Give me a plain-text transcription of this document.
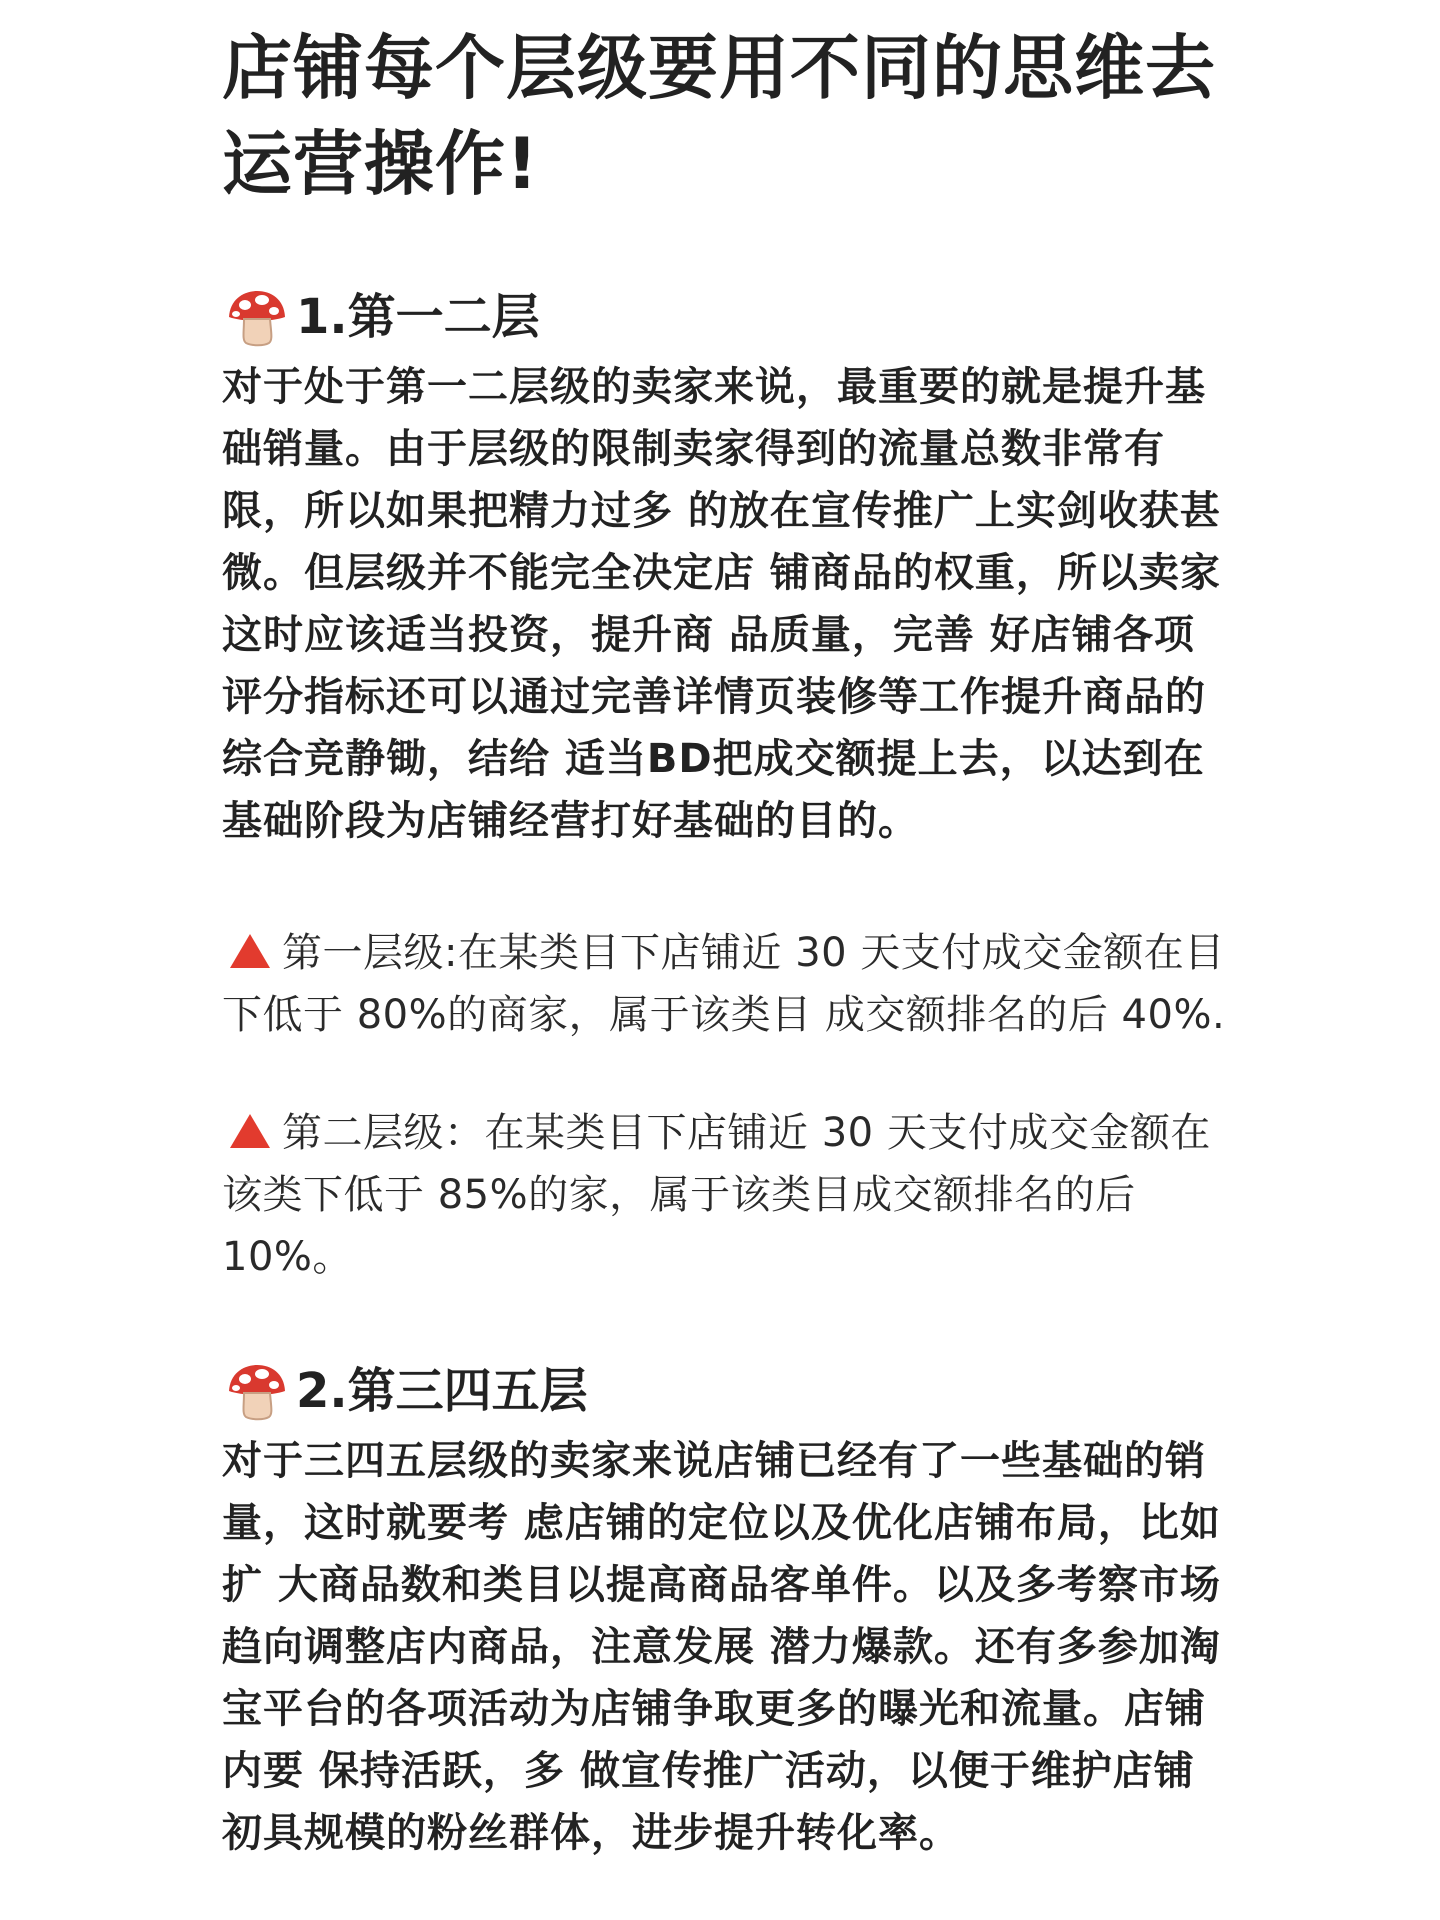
店铺每个层级要用不同的思维去运营操作!
1.第一二层

对于处于第一二层级的卖家来说，最重要的就是提升基础销量。由于层级的限制卖家得到的流量总数非常有限，所以如果把精力过多 的放在宣传推广上实剑收获甚微。但层级并不能完全决定店 铺商品的权重，所以卖家这时应该适当投资，提升商 品质量，完善 好店铺各项评分指标还可以通过完善详情页装修等工作提升商品的综合竞静锄，结给 适当BD把成交额提上去，以达到在基础阶段为店铺经营打好基础的目的。

第一层级:在某类目下店铺近 30 天支付成交金额在目下低于 80%的商家，属于该类目 成交额排名的后 40%.

第二层级：在某类目下店铺近 30 天支付成交金额在该类下低于 85%的家，属于该类目成交额排名的后 10%。

2.第三四五层

对于三四五层级的卖家来说店铺已经有了一些基础的销量，这时就要考 虑店铺的定位以及优化店铺布局，比如扩 大商品数和类目以提高商品客单件。以及多考察市场趋向调整店内商品，注意发展 潜力爆款。还有多参加淘宝平台的各项活动为店铺争取更多的曝光和流量。店铺内要 保持活跃，多 做宣传推广活动，以便于维护店铺初具规模的粉丝群体，进步提升转化率。
